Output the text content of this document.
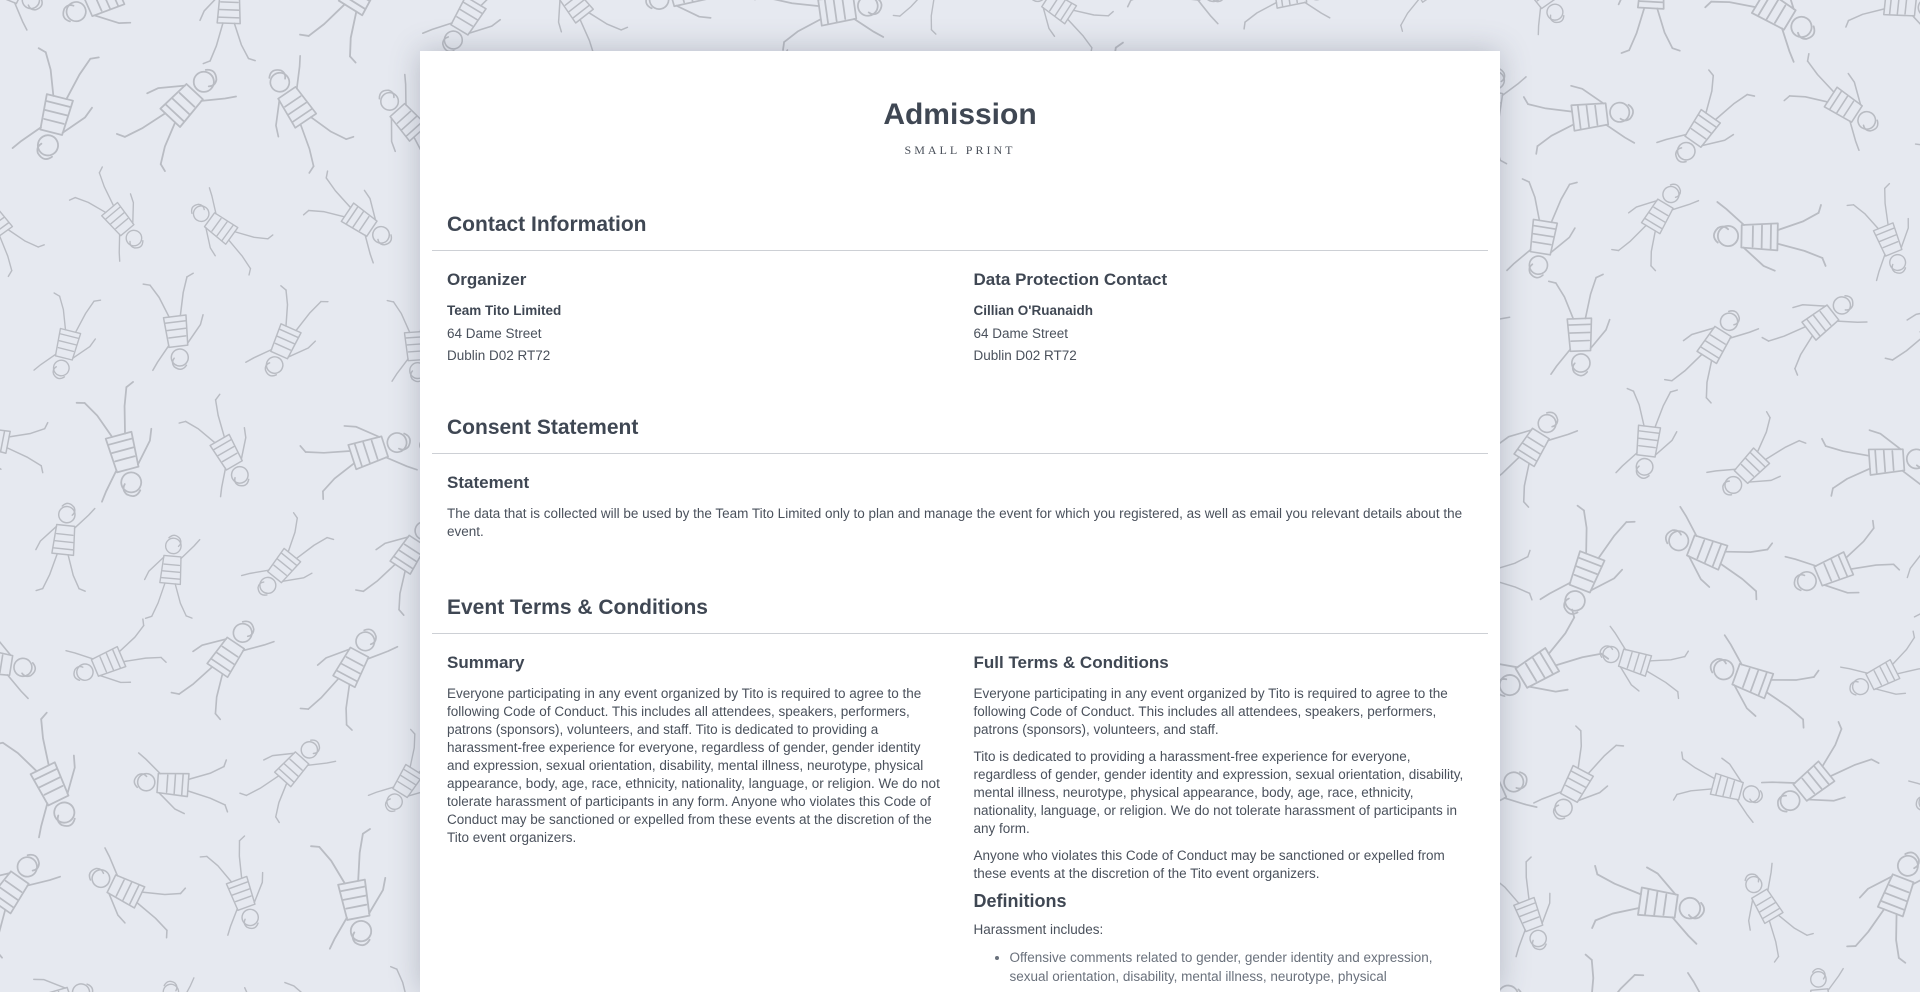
Admission
SMALL PRINT
Contact Information
Organizer
Team Tito Limited
64 Dame Street
Dublin D02 RT72
Data Protection Contact
Cillian O'Ruanaidh
64 Dame Street
Dublin D02 RT72
Consent Statement
Statement

The data that is collected will be used by the Team Tito Limited only to plan and manage the event for which you registered, as well as email you relevant details about the event.

Event Terms & Conditions
Summary

Everyone participating in any event organized by Tito is required to agree to the following Code of Conduct. This includes all attendees, speakers, performers, patrons (sponsors), volunteers, and staff. Tito is dedicated to providing a harassment-free experience for everyone, regardless of gender, gender identity and expression, sexual orientation, disability, mental illness, neurotype, physical appearance, body, age, race, ethnicity, nationality, language, or religion. We do not tolerate harassment of participants in any form. Anyone who violates this Code of Conduct may be sanctioned or expelled from these events at the discretion of the Tito event organizers.

Full Terms & Conditions

Everyone participating in any event organized by Tito is required to agree to the following Code of Conduct. This includes all attendees, speakers, performers, patrons (sponsors), volunteers, and staff.

Tito is dedicated to providing a harassment-free experience for everyone, regardless of gender, gender identity and expression, sexual orientation, disability, mental illness, neurotype, physical appearance, body, age, race, ethnicity, nationality, language, or religion. We do not tolerate harassment of participants in any form.

Anyone who violates this Code of Conduct may be sanctioned or expelled from these events at the discretion of the Tito event organizers.

Definitions

Harassment includes:

• Offensive comments related to gender, gender identity and expression, sexual orientation, disability, mental illness, neurotype, physical
